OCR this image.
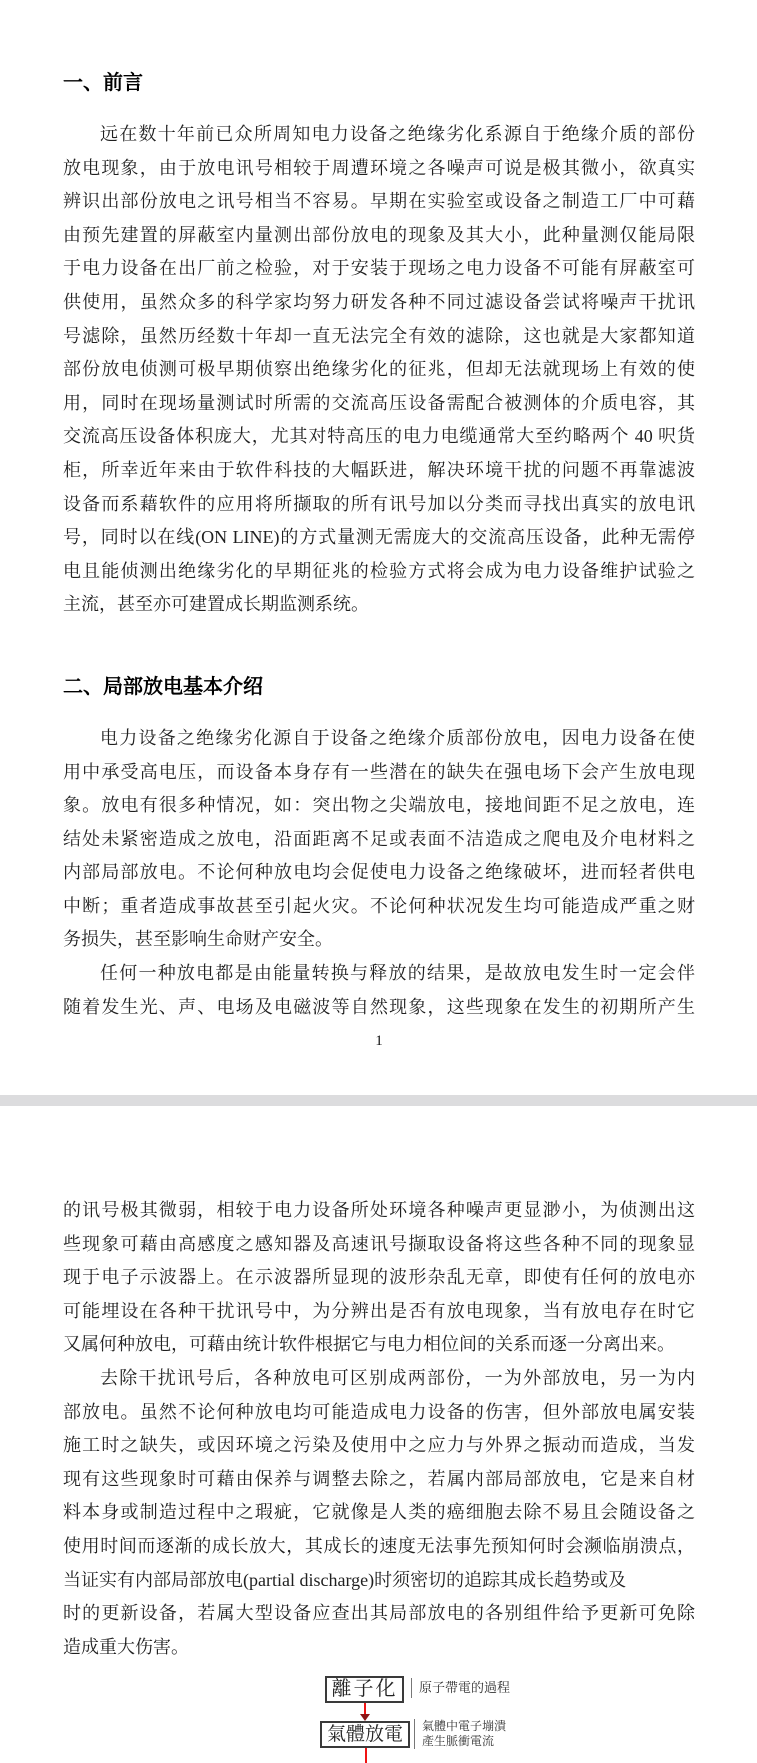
一、前言
远在数十年前已众所周知电力设备之绝缘劣化系源自于绝缘介质的部份
放电现象，由于放电讯号相较于周遭环境之各噪声可说是极其微小，欲真实
辨识出部份放电之讯号相当不容易。早期在实验室或设备之制造工厂中可藉
由预先建置的屏蔽室内量测出部份放电的现象及其大小，此种量测仅能局限
于电力设备在出厂前之检验，对于安装于现场之电力设备不可能有屏蔽室可
供使用，虽然众多的科学家均努力研发各种不同过滤设备尝试将噪声干扰讯
号滤除，虽然历经数十年却一直无法完全有效的滤除，这也就是大家都知道
部份放电侦测可极早期侦察出绝缘劣化的征兆，但却无法就现场上有效的使
用，同时在现场量测试时所需的交流高压设备需配合被测体的介质电容，其
交流高压设备体积庞大，尤其对特高压的电力电缆通常大至约略两个 40 呎货
柜，所幸近年来由于软件科技的大幅跃进，解决环境干扰的问题不再靠滤波
设备而系藉软件的应用将所撷取的所有讯号加以分类而寻找出真实的放电讯
号，同时以在线(ON LINE)的方式量测无需庞大的交流高压设备，此种无需停
电且能侦测出绝缘劣化的早期征兆的检验方式将会成为电力设备维护试验之
主流，甚至亦可建置成长期监测系统。
二、局部放电基本介绍
电力设备之绝缘劣化源自于设备之绝缘介质部份放电，因电力设备在使
用中承受高电压，而设备本身存有一些潜在的缺失在强电场下会产生放电现
象。放电有很多种情况，如：突出物之尖端放电，接地间距不足之放电，连
结处未紧密造成之放电，沿面距离不足或表面不洁造成之爬电及介电材料之
内部局部放电。不论何种放电均会促使电力设备之绝缘破坏，进而轻者供电
中断；重者造成事故甚至引起火灾。不论何种状况发生均可能造成严重之财
务损失，甚至影响生命财产安全。
任何一种放电都是由能量转换与释放的结果，是故放电发生时一定会伴
随着发生光、声、电场及电磁波等自然现象，这些现象在发生的初期所产生
1
的讯号极其微弱，相较于电力设备所处环境各种噪声更显渺小，为侦测出这
些现象可藉由高感度之感知器及高速讯号撷取设备将这些各种不同的现象显
现于电子示波器上。在示波器所显现的波形杂乱无章，即使有任何的放电亦
可能埋设在各种干扰讯号中，为分辨出是否有放电现象，当有放电存在时它
又属何种放电，可藉由统计软件根据它与电力相位间的关系而逐一分离出来。
去除干扰讯号后，各种放电可区别成两部份，一为外部放电，另一为内
部放电。虽然不论何种放电均可能造成电力设备的伤害，但外部放电属安装
施工时之缺失，或因环境之污染及使用中之应力与外界之振动而造成，当发
现有这些现象时可藉由保养与调整去除之，若属内部局部放电，它是来自材
料本身或制造过程中之瑕疵，它就像是人类的癌细胞去除不易且会随设备之
使用时间而逐渐的成长放大，其成长的速度无法事先预知何时会濒临崩溃点，
当证实有内部局部放电(partial discharge)时须密切的追踪其成长趋势或及
时的更新设备，若属大型设备应查出其局部放电的各别组件给予更新可免除
造成重大伤害。
離子化	原子帶電的過程
氣體放電	氣體中電子塴潰
產生脈衝電流
